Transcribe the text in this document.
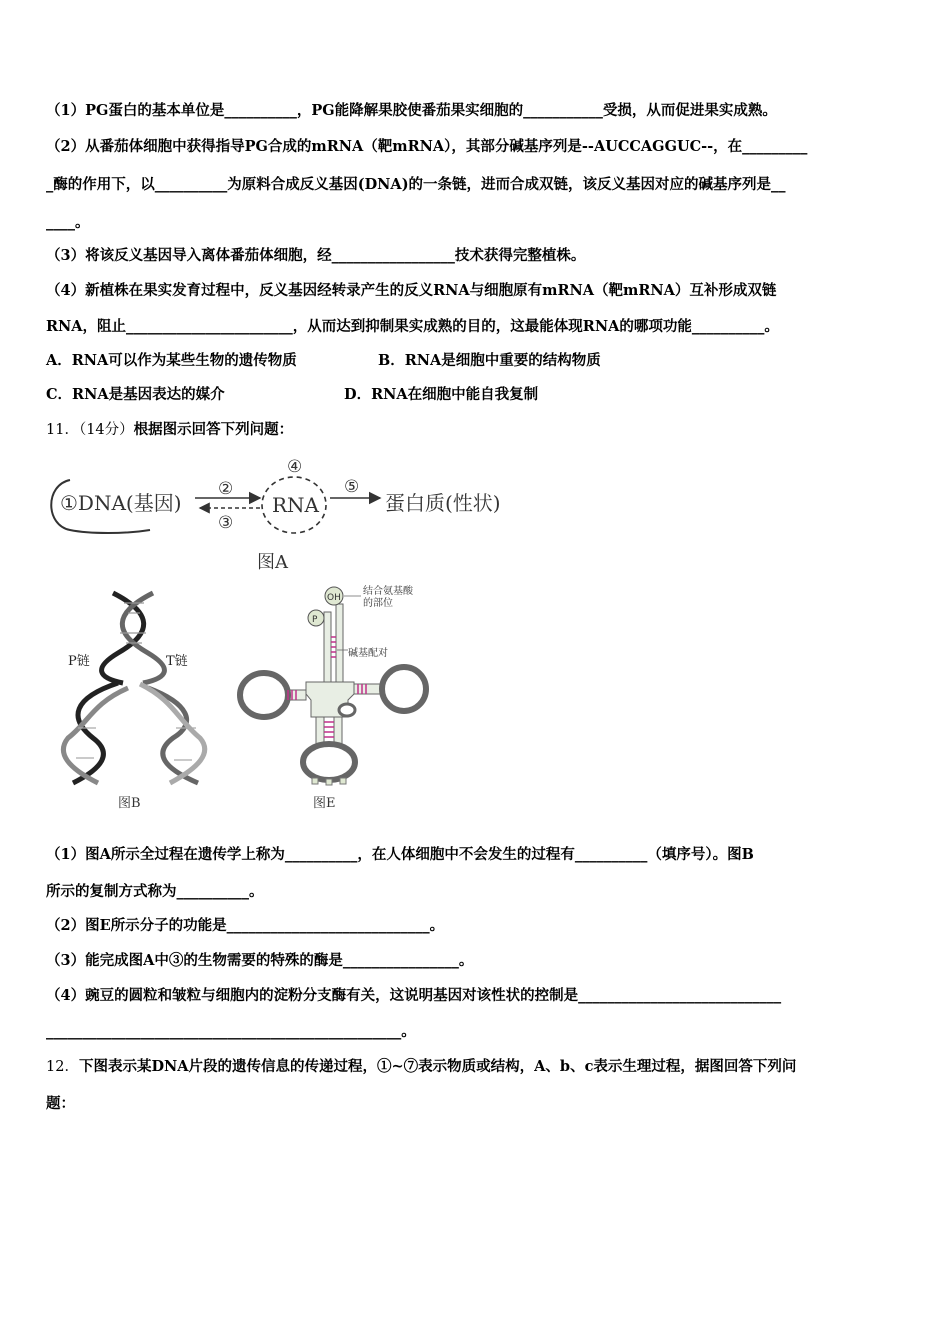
（1）PG蛋白的基本单位是__________，PG能降解果胶使番茄果实细胞的___________受损，从而促进果实成熟。
（2）从番茄体细胞中获得指导PG合成的mRNA（靶mRNA），其部分碱基序列是--AUCCAGGUC--，在_________
_酶的作用下，以__________为原料合成反义基因(DNA)的一条链，进而合成双链，该反义基因对应的碱基序列是__
____。
（3）将该反义基因导入离体番茄体细胞，经_________________技术获得完整植株。
（4）新植株在果实发育过程中，反义基因经转录产生的反义RNA与细胞原有mRNA（靶mRNA）互补形成双链
RNA，阻止_______________________，从而达到抑制果实成熟的目的，这最能体现RNA的哪项功能__________。
A．RNA可以作为某些生物的遗传物质	B．RNA是细胞中重要的结构物质
C．RNA是基因表达的媒介	D．RNA在细胞中能自我复制
11．（14分）根据图示回答下列问题：
①DNA(基因)
②
③
④
RNA
⑤
蛋白质(性状)
图A
P链	T链
图B
OH
P
结合氨基酸
的部位
碱基配对
图E
（1）图A所示全过程在遗传学上称为__________，在人体细胞中不会发生的过程有__________（填序号）。图B
所示的复制方式称为__________。
（2）图E所示分子的功能是____________________________。
（3）能完成图A中③的生物需要的特殊的酶是________________。
（4）豌豆的圆粒和皱粒与细胞内的淀粉分支酶有关，这说明基因对该性状的控制是____________________________
_________________________________________________。
12．下图表示某DNA片段的遗传信息的传递过程，①~⑦表示物质或结构，A、b、c表示生理过程，据图回答下列问
题：
